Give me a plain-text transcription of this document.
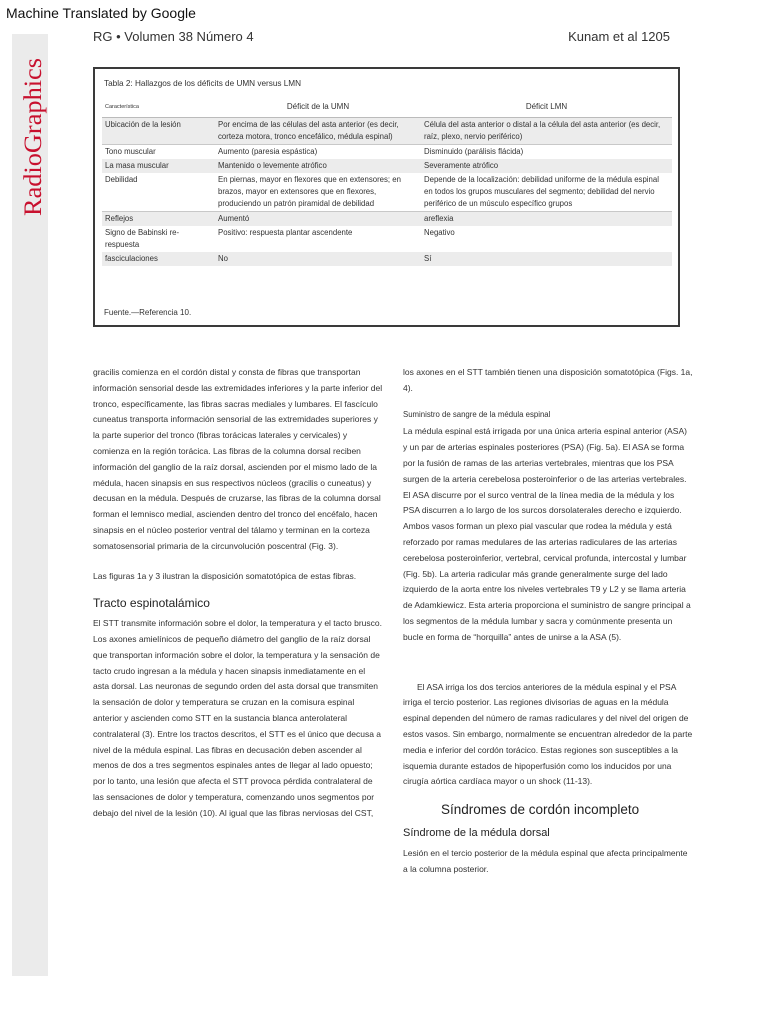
Machine Translated by Google
RadioGraphics
RG • Volumen 38 Número 4	Kunam et al 1205
Tabla 2: Hallazgos de los déficits de UMN versus LMN
Característica	Déficit de la UMN	Déficit LMN
Ubicación de la lesión	Por encima de las células del asta anterior (es decir, corteza motora, tronco encefálico, médula espinal)	Célula del asta anterior o distal a la célula del asta anterior (es decir, raíz, plexo, nervio periférico)
Tono muscular	Aumento (paresia espástica)	Disminuido (parálisis flácida)
La masa muscular	Mantenido o levemente atrófico	Severamente atrófico
Debilidad	En piernas, mayor en flexores que en extensores; en brazos, mayor en extensores que en flexores, produciendo un patrón piramidal de debilidad	Depende de la localización: debilidad uniforme de la médula espinal en todos los grupos musculares del segmento; debilidad del nervio periférico de un músculo específico grupos
Reflejos	Aumentó	areflexia
Signo de Babinski re- respuesta	Positivo: respuesta plantar ascendente	Negativo
fasciculaciones	No	Sí
Fuente.—Referencia 10.

gracilis comienza en el cordón distal y consta de fibras que transportan información sensorial desde las extremidades inferiores y la parte inferior del tronco, específicamente, las fibras sacras mediales y lumbares. El fascículo cuneatus transporta información sensorial de las extremidades superiores y la parte superior del tronco (fibras torácicas laterales y cervicales) y comienza en la región torácica. Las fibras de la columna dorsal reciben información del ganglio de la raíz dorsal, ascienden por el mismo lado de la médula, hacen sinapsis en sus respectivos núcleos (gracilis o cuneatus) y decusan en la médula. Después de cruzarse, las fibras de la columna dorsal forman el lemnisco medial, ascienden dentro del tronco del encéfalo, hacen sinapsis en el núcleo posterior ventral del tálamo y terminan en la corteza somatosensorial primaria de la circunvolución poscentral (Fig. 3).

Las figuras 1a y 3 ilustran la disposición somatotópica de estas fibras.

Tracto espinotalámico

El STT transmite información sobre el dolor, la temperatura y el tacto brusco. Los axones amielínicos de pequeño diámetro del ganglio de la raíz dorsal que transportan información sobre el dolor, la temperatura y la sensación de tacto crudo ingresan a la médula y hacen sinapsis inmediatamente en el asta dorsal. Las neuronas de segundo orden del asta dorsal que transmiten la sensación de dolor y temperatura se cruzan en la comisura espinal anterior y ascienden como STT en la sustancia blanca anterolateral contralateral (3). Entre los tractos descritos, el STT es el único que decusa a nivel de la médula espinal. Las fibras en decusación deben ascender al menos de dos a tres segmentos espinales antes de llegar al lado opuesto; por lo tanto, una lesión que afecta el STT provoca pérdida contralateral de las sensaciones de dolor y temperatura, comenzando unos segmentos por debajo del nivel de la lesión (10). Al igual que las fibras nerviosas del CST,

los axones en el STT también tienen una disposición somatotópica (Figs. 1a, 4).

Suministro de sangre de la médula espinal

La médula espinal está irrigada por una única arteria espinal anterior (ASA) y un par de arterias espinales posteriores (PSA) (Fig. 5a). El ASA se forma por la fusión de ramas de las arterias vertebrales, mientras que los PSA surgen de la arteria cerebelosa posteroinferior o de las arterias vertebrales. El ASA discurre por el surco ventral de la línea media de la médula y los PSA discurren a lo largo de los surcos dorsolaterales derecho e izquierdo. Ambos vasos forman un plexo pial vascular que rodea la médula y está reforzado por ramas medulares de las arterias radiculares de las arterias cerebelosa posteroinferior, vertebral, cervical profunda, intercostal y lumbar (Fig. 5b). La arteria radicular más grande generalmente surge del lado izquierdo de la aorta entre los niveles vertebrales T9 y L2 y se llama arteria de Adamkiewicz. Esta arteria proporciona el suministro de sangre principal a los segmentos de la médula lumbar y sacra y comúnmente presenta un bucle en forma de “horquilla” antes de unirse a la ASA (5).

El ASA irriga los dos tercios anteriores de la médula espinal y el PSA irriga el tercio posterior. Las regiones divisorias de aguas en la médula espinal dependen del número de ramas radiculares y del nivel del origen de estos vasos. Sin embargo, normalmente se encuentran alrededor de la parte media e inferior del cordón torácico. Estas regiones son susceptibles a la isquemia durante estados de hipoperfusión como los inducidos por una cirugía aórtica cardíaca mayor o un shock (11-13).

Síndromes de cordón incompleto
Síndrome de la médula dorsal

Lesión en el tercio posterior de la médula espinal que afecta principalmente a la columna posterior.
